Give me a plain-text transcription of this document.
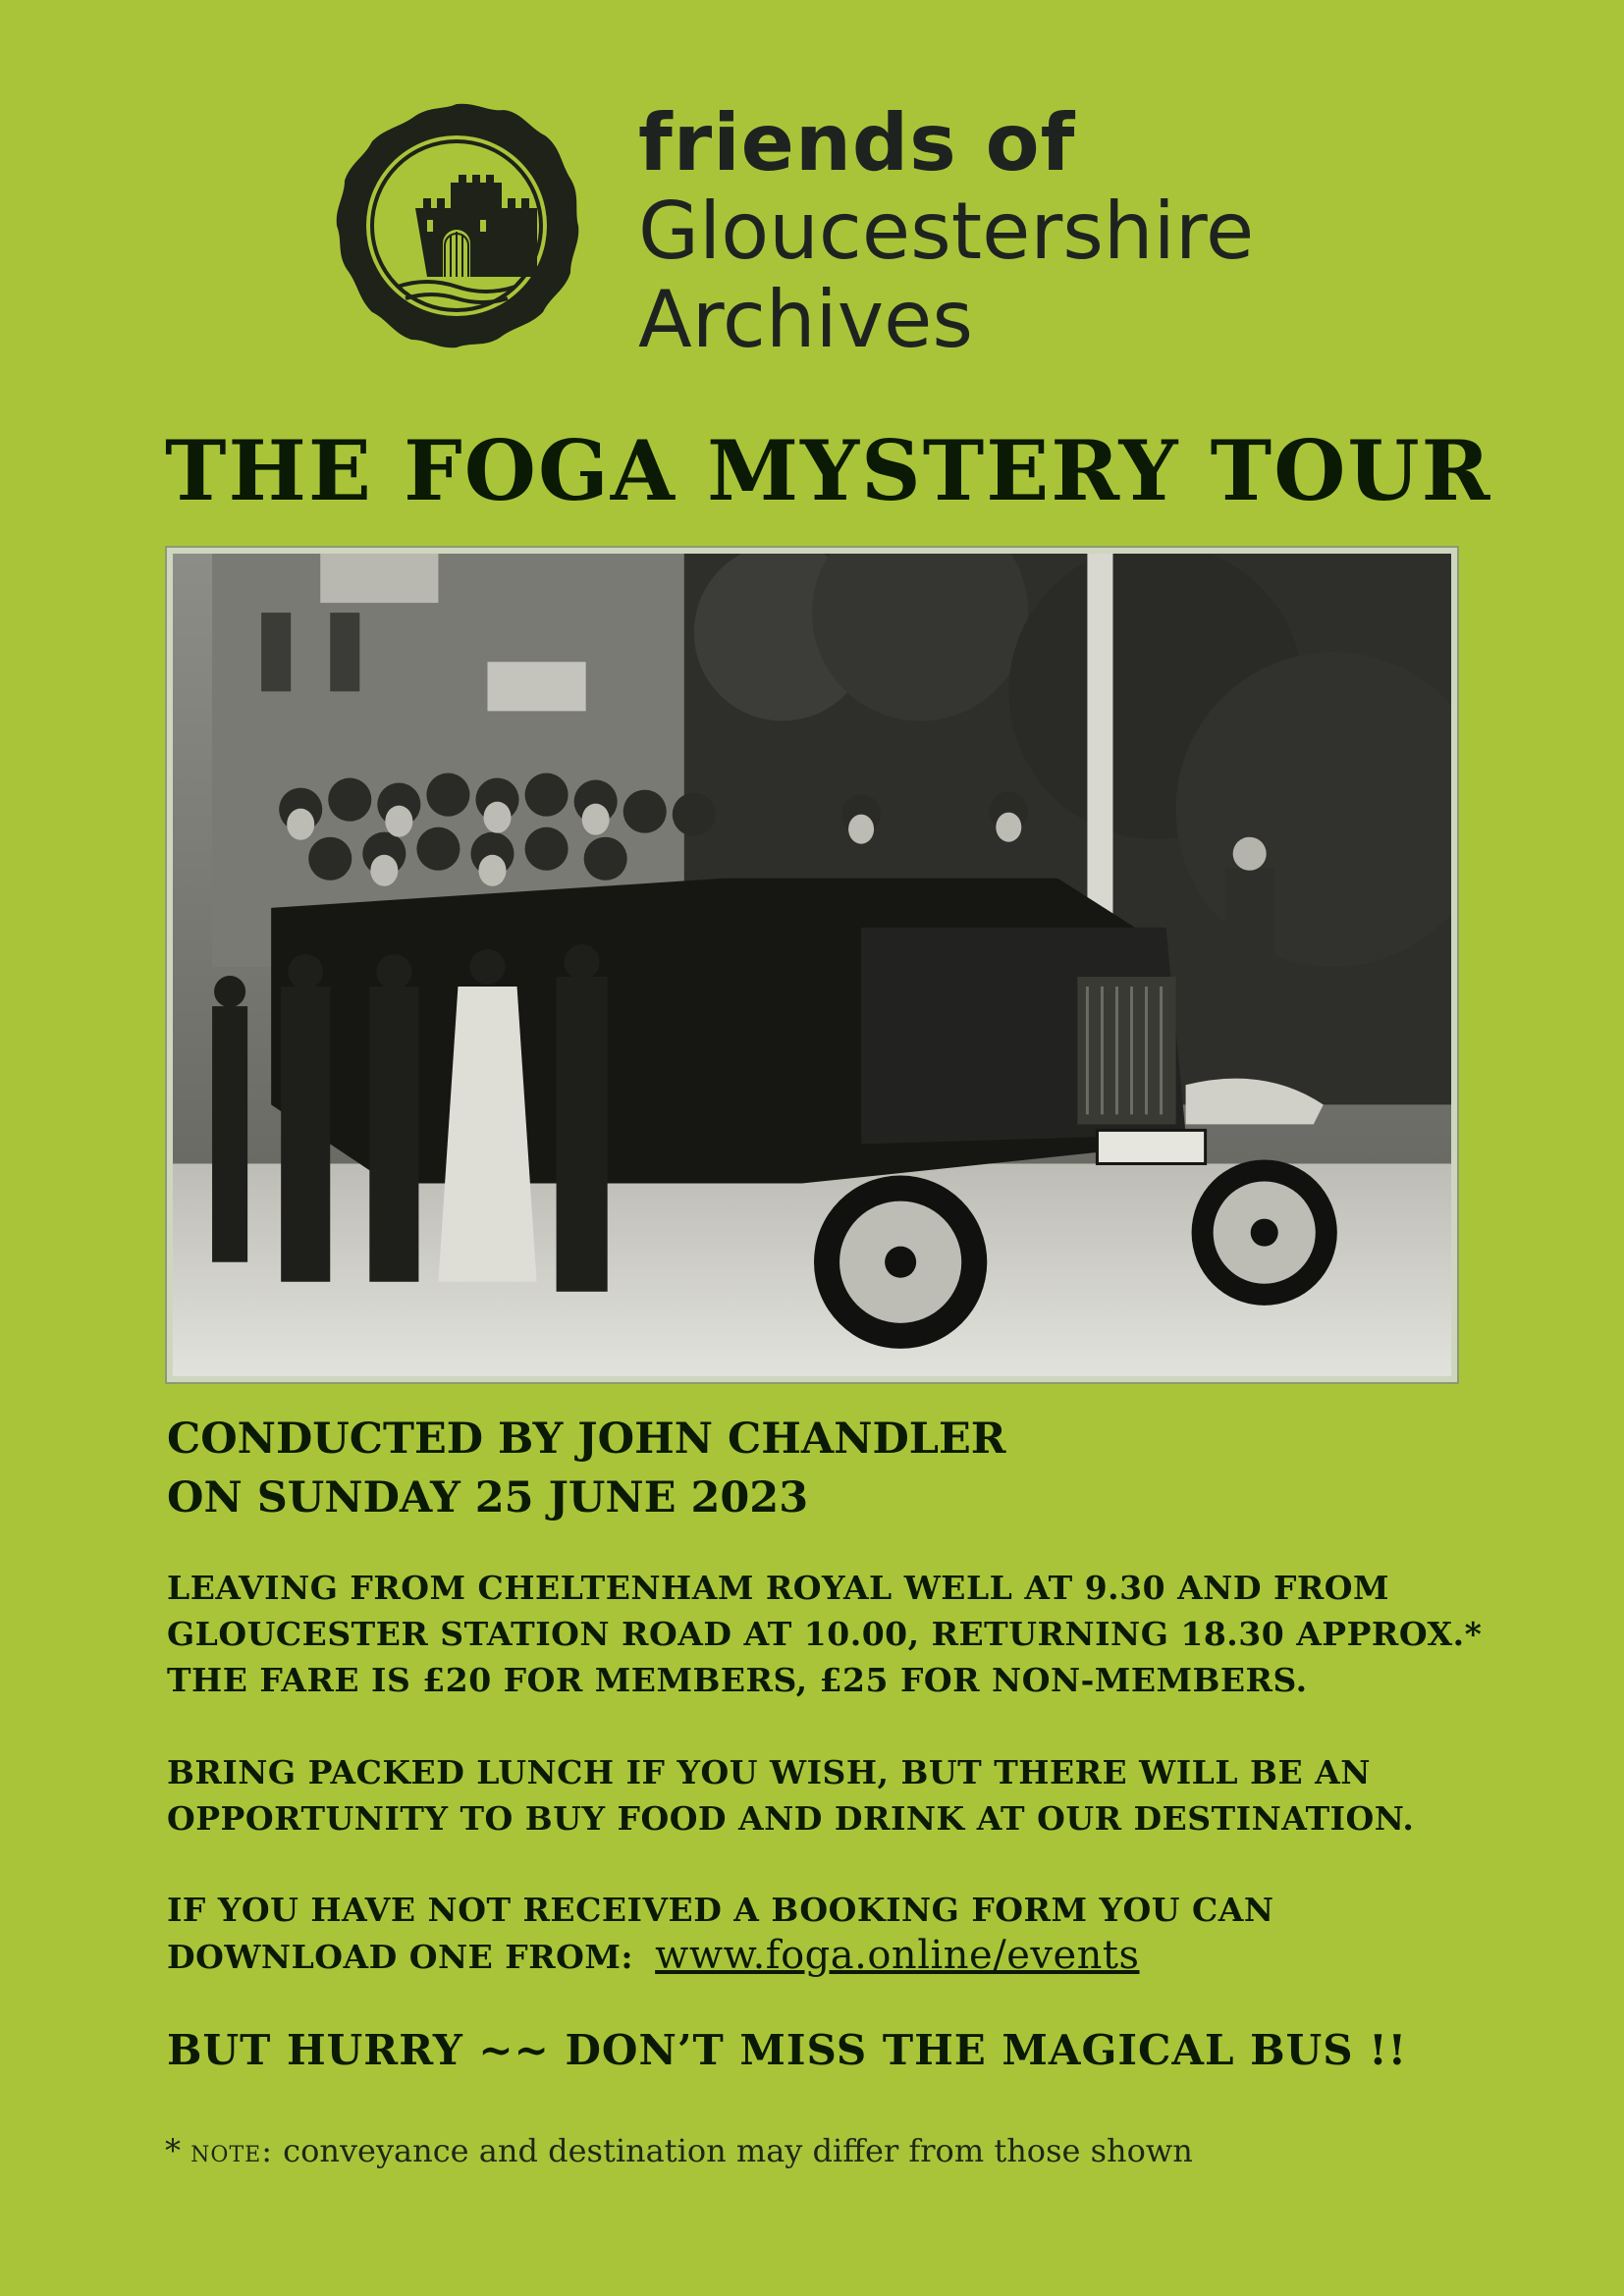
friends of
Gloucestershire
Archives
THE FOGA MYSTERY TOUR
CONDUCTED BY JOHN CHANDLER
ON SUNDAY 25 JUNE 2023
LEAVING FROM CHELTENHAM ROYAL WELL AT 9.30 AND FROM
GLOUCESTER STATION ROAD AT 10.00, RETURNING 18.30 APPROX.*
THE FARE IS £20 FOR MEMBERS, £25 FOR NON-MEMBERS.
BRING PACKED LUNCH IF YOU WISH, BUT THERE WILL BE AN
OPPORTUNITY TO BUY FOOD AND DRINK AT OUR DESTINATION.
IF YOU HAVE NOT RECEIVED A BOOKING FORM YOU CAN
DOWNLOAD ONE FROM: www.foga.online/events
BUT HURRY ~~ DON’T MISS THE MAGICAL BUS !!
* note: conveyance and destination may differ from those shown
